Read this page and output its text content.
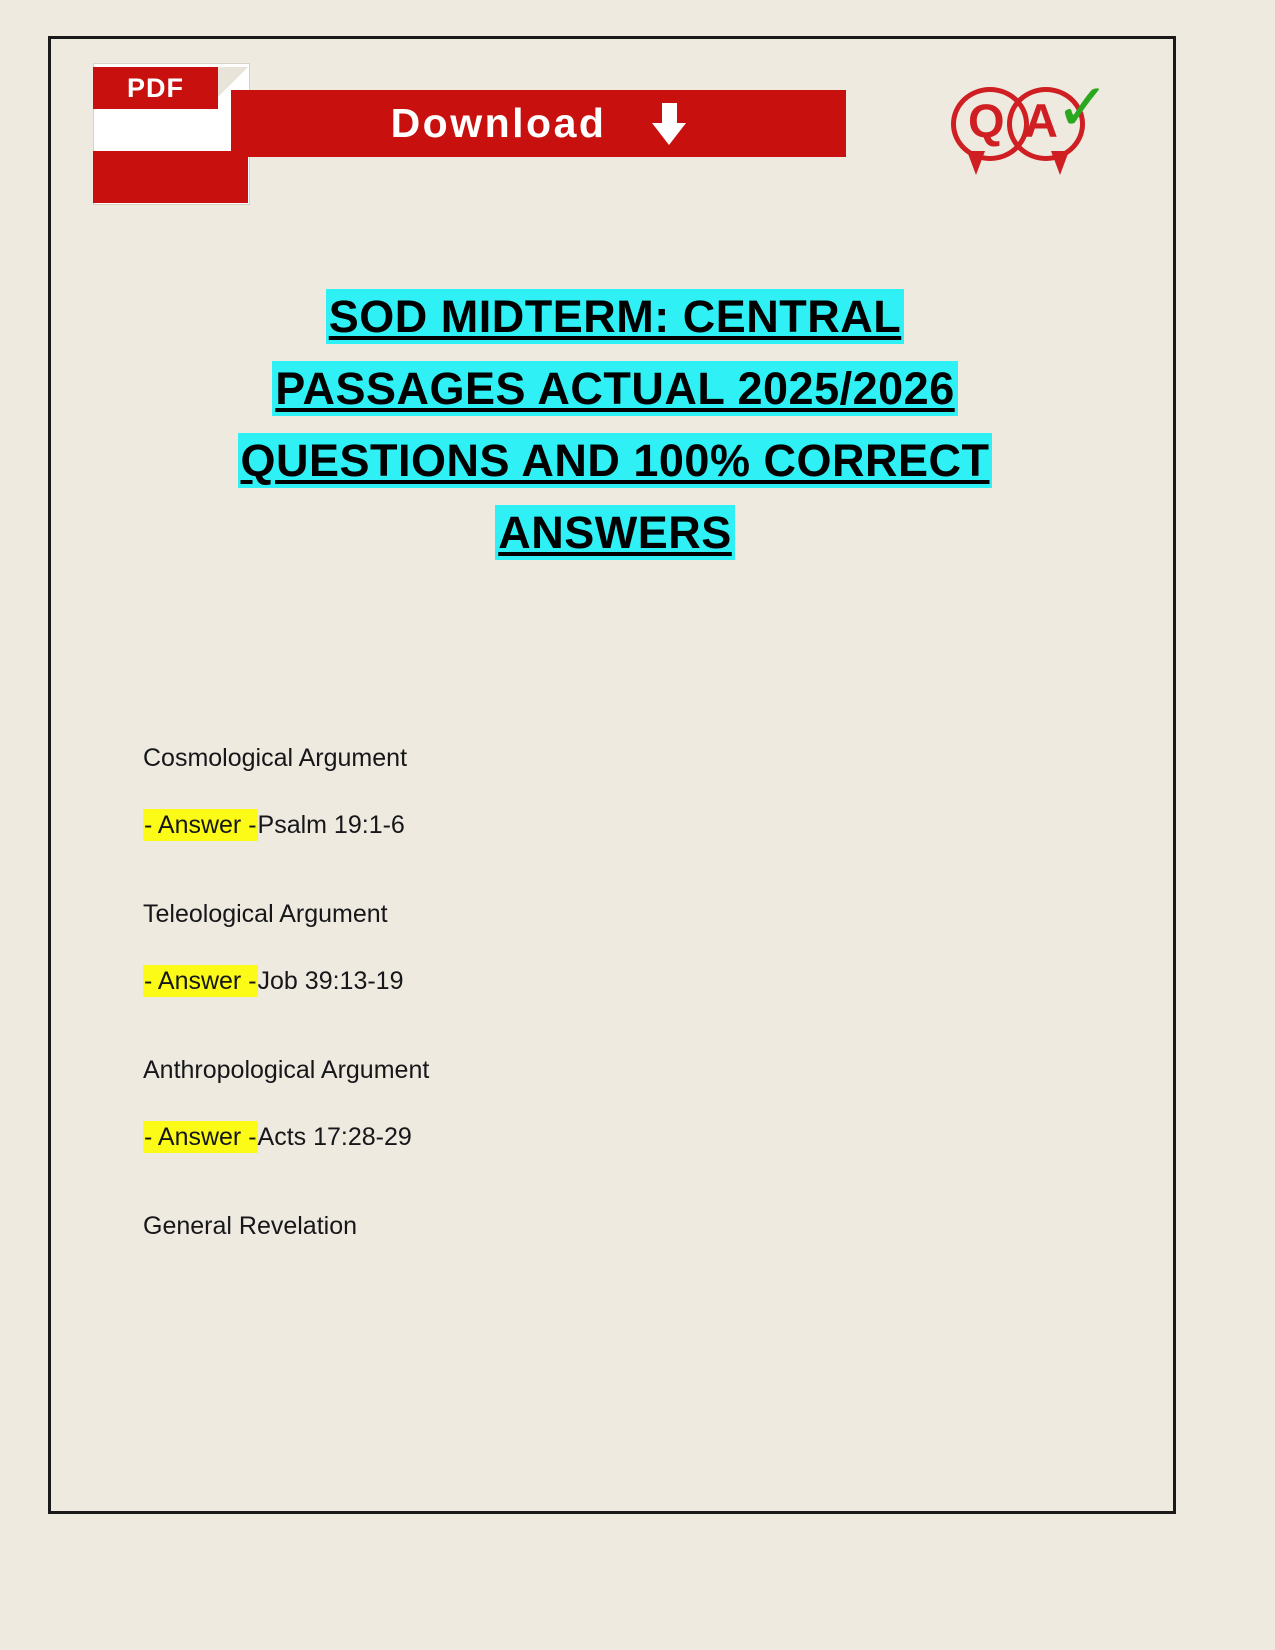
PDF

Download	Q A
✓
SOD MIDTERM: CENTRAL
PASSAGES ACTUAL 2025/2026
QUESTIONS AND 100% CORRECT
ANSWERS
Cosmological Argument
- Answer -Psalm 19:1-6
Teleological Argument
- Answer -Job 39:13-19
Anthropological Argument
- Answer -Acts 17:28-29
General Revelation
